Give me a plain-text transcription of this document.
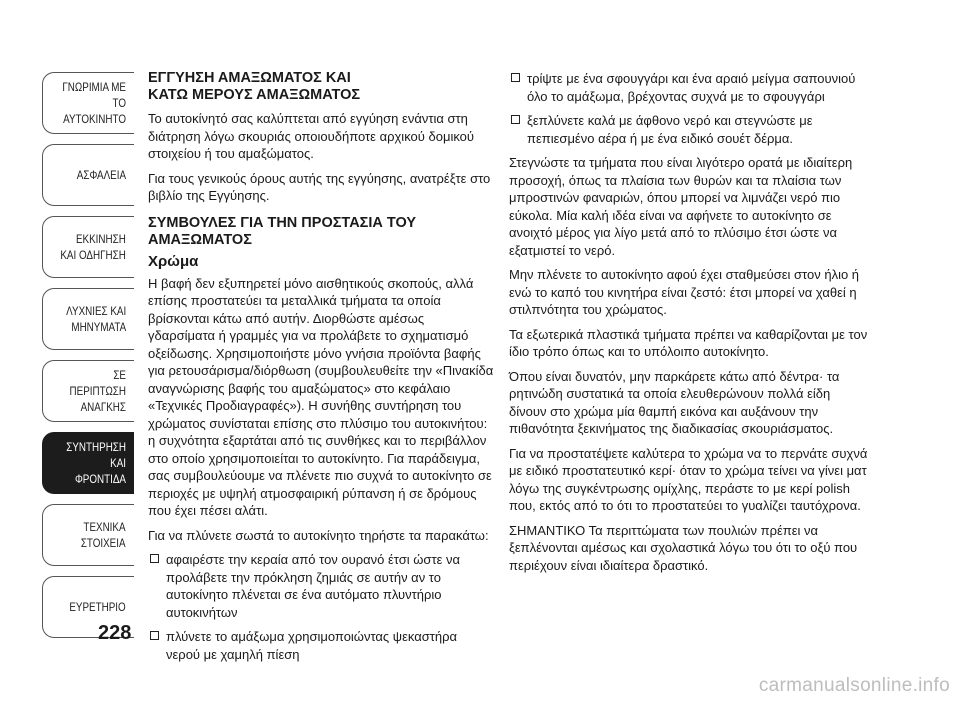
ΓΝΩΡΙΜΙΑ ΜΕ
ΤΟ ΑΥΤΟΚΙΝΗΤΟ
ΑΣΦΑΛΕΙΑ
ΕΚΚΙΝΗΣΗ
ΚΑΙ ΟΔΗΓΗΣΗ
ΛΥΧΝΙΕΣ ΚΑΙ
ΜΗΝΥΜΑΤΑ
ΣΕ ΠΕΡΙΠΤΩΣΗ
ΑΝΑΓΚΗΣ
ΣΥΝΤΗΡΗΣΗ
ΚΑΙ ΦΡΟΝΤΙΔΑ
ΤΕΧΝΙΚΑ
ΣΤΟΙΧΕΙΑ
ΕΥΡΕΤΗΡΙΟ
228
ΕΓΓΥΗΣΗ ΑΜΑΞΩΜΑΤΟΣ ΚΑΙ
ΚΑΤΩ ΜΕΡΟΥΣ ΑΜΑΞΩΜΑΤΟΣ

Το αυτοκίνητό σας καλύπτεται από εγγύηση ενάντια στη διάτρηση λόγω σκουριάς οποιουδήποτε αρχικού δομικού στοιχείου ή του αμαξώματος.

Για τους γενικούς όρους αυτής της εγγύησης, ανατρέξτε στο βιβλίο της Εγγύησης.

ΣΥΜΒΟΥΛΕΣ ΓΙΑ ΤΗΝ ΠΡΟΣΤΑΣΙΑ ΤΟΥ
ΑΜΑΞΩΜΑΤΟΣ
Χρώμα

Η βαφή δεν εξυπηρετεί μόνο αισθητικούς σκοπούς, αλλά επίσης προστατεύει τα μεταλλικά τμήματα τα οποία βρίσκονται κάτω από αυτήν. Διορθώστε αμέσως γδαρσίματα ή γραμμές για να προλάβετε το σχηματισμό οξείδωσης. Χρησιμοποιήστε μόνο γνήσια προϊόντα βαφής για ρετουσάρισμα/διόρθωση (συμβουλευθείτε την «Πινακίδα αναγνώρισης βαφής του αμαξώματος» στο κεφάλαιο «Τεχνικές Προδιαγραφές»). Η συνήθης συντήρηση του χρώματος συνίσταται επίσης στο πλύσιμο του αυτοκινήτου: η συχνότητα εξαρτάται από τις συνθήκες και το περιβάλλον στο οποίο χρησιμοποιείται το αυτοκίνητο. Για παράδειγμα, σας συμβουλεύουμε να πλένετε πιο συχνά το αυτοκίνητο σε περιοχές με υψηλή ατμοσφαιρική ρύπανση ή σε δρόμους που έχει πέσει αλάτι.

Για να πλύνετε σωστά το αυτοκίνητο τηρήστε τα παρακάτω:

αφαιρέστε την κεραία από τον ουρανό έτσι ώστε να προλάβετε την πρόκληση ζημιάς σε αυτήν αν το αυτοκίνητο πλένεται σε ένα αυτόματο πλυντήριο αυτοκινήτων
πλύνετε το αμάξωμα χρησιμοποιώντας ψεκαστήρα νερού με χαμηλή πίεση
τρίψτε με ένα σφουγγάρι και ένα αραιό μείγμα σαπουνιού όλο το αμάξωμα, βρέχοντας συχνά με το σφουγγάρι
ξεπλύνετε καλά με άφθονο νερό και στεγνώστε με πεπιεσμένο αέρα ή με ένα ειδικό σουέτ δέρμα.

Στεγνώστε τα τμήματα που είναι λιγότερο ορατά με ιδιαίτερη προσοχή, όπως τα πλαίσια των θυρών και τα πλαίσια των μπροστινών φαναριών, όπου μπορεί να λιμνάζει νερό πιο εύκολα. Μία καλή ιδέα είναι να αφήνετε το αυτοκίνητο σε ανοιχτό μέρος για λίγο μετά από το πλύσιμο έτσι ώστε να εξατμιστεί το νερό.

Μην πλένετε το αυτοκίνητο αφού έχει σταθμεύσει στον ήλιο ή ενώ το καπό του κινητήρα είναι ζεστό: έτσι μπορεί να χαθεί η στιλπνότητα του χρώματος.

Τα εξωτερικά πλαστικά τμήματα πρέπει να καθαρίζονται με τον ίδιο τρόπο όπως και το υπόλοιπο αυτοκίνητο.

Όπου είναι δυνατόν, μην παρκάρετε κάτω από δέντρα· τα ρητινώδη συστατικά τα οποία ελευθερώνουν πολλά είδη δίνουν στο χρώμα μία θαμπή εικόνα και αυξάνουν την πιθανότητα ξεκινήματος της διαδικασίας σκουριάσματος.

Για να προστατέψετε καλύτερα το χρώμα να το περνάτε συχνά με ειδικό προστατευτικό κερί· όταν το χρώμα τείνει να γίνει ματ λόγω της συγκέντρωσης ομίχλης, περάστε το με κερί polish που, εκτός από το ότι το προστατεύει το γυαλίζει ταυτόχρονα.

ΣΗΜΑΝΤΙΚΟ Τα περιττώματα των πουλιών πρέπει να ξεπλένονται αμέσως και σχολαστικά λόγω του ότι το οξύ που περιέχουν είναι ιδιαίτερα δραστικό.

carmanualsonline.info
